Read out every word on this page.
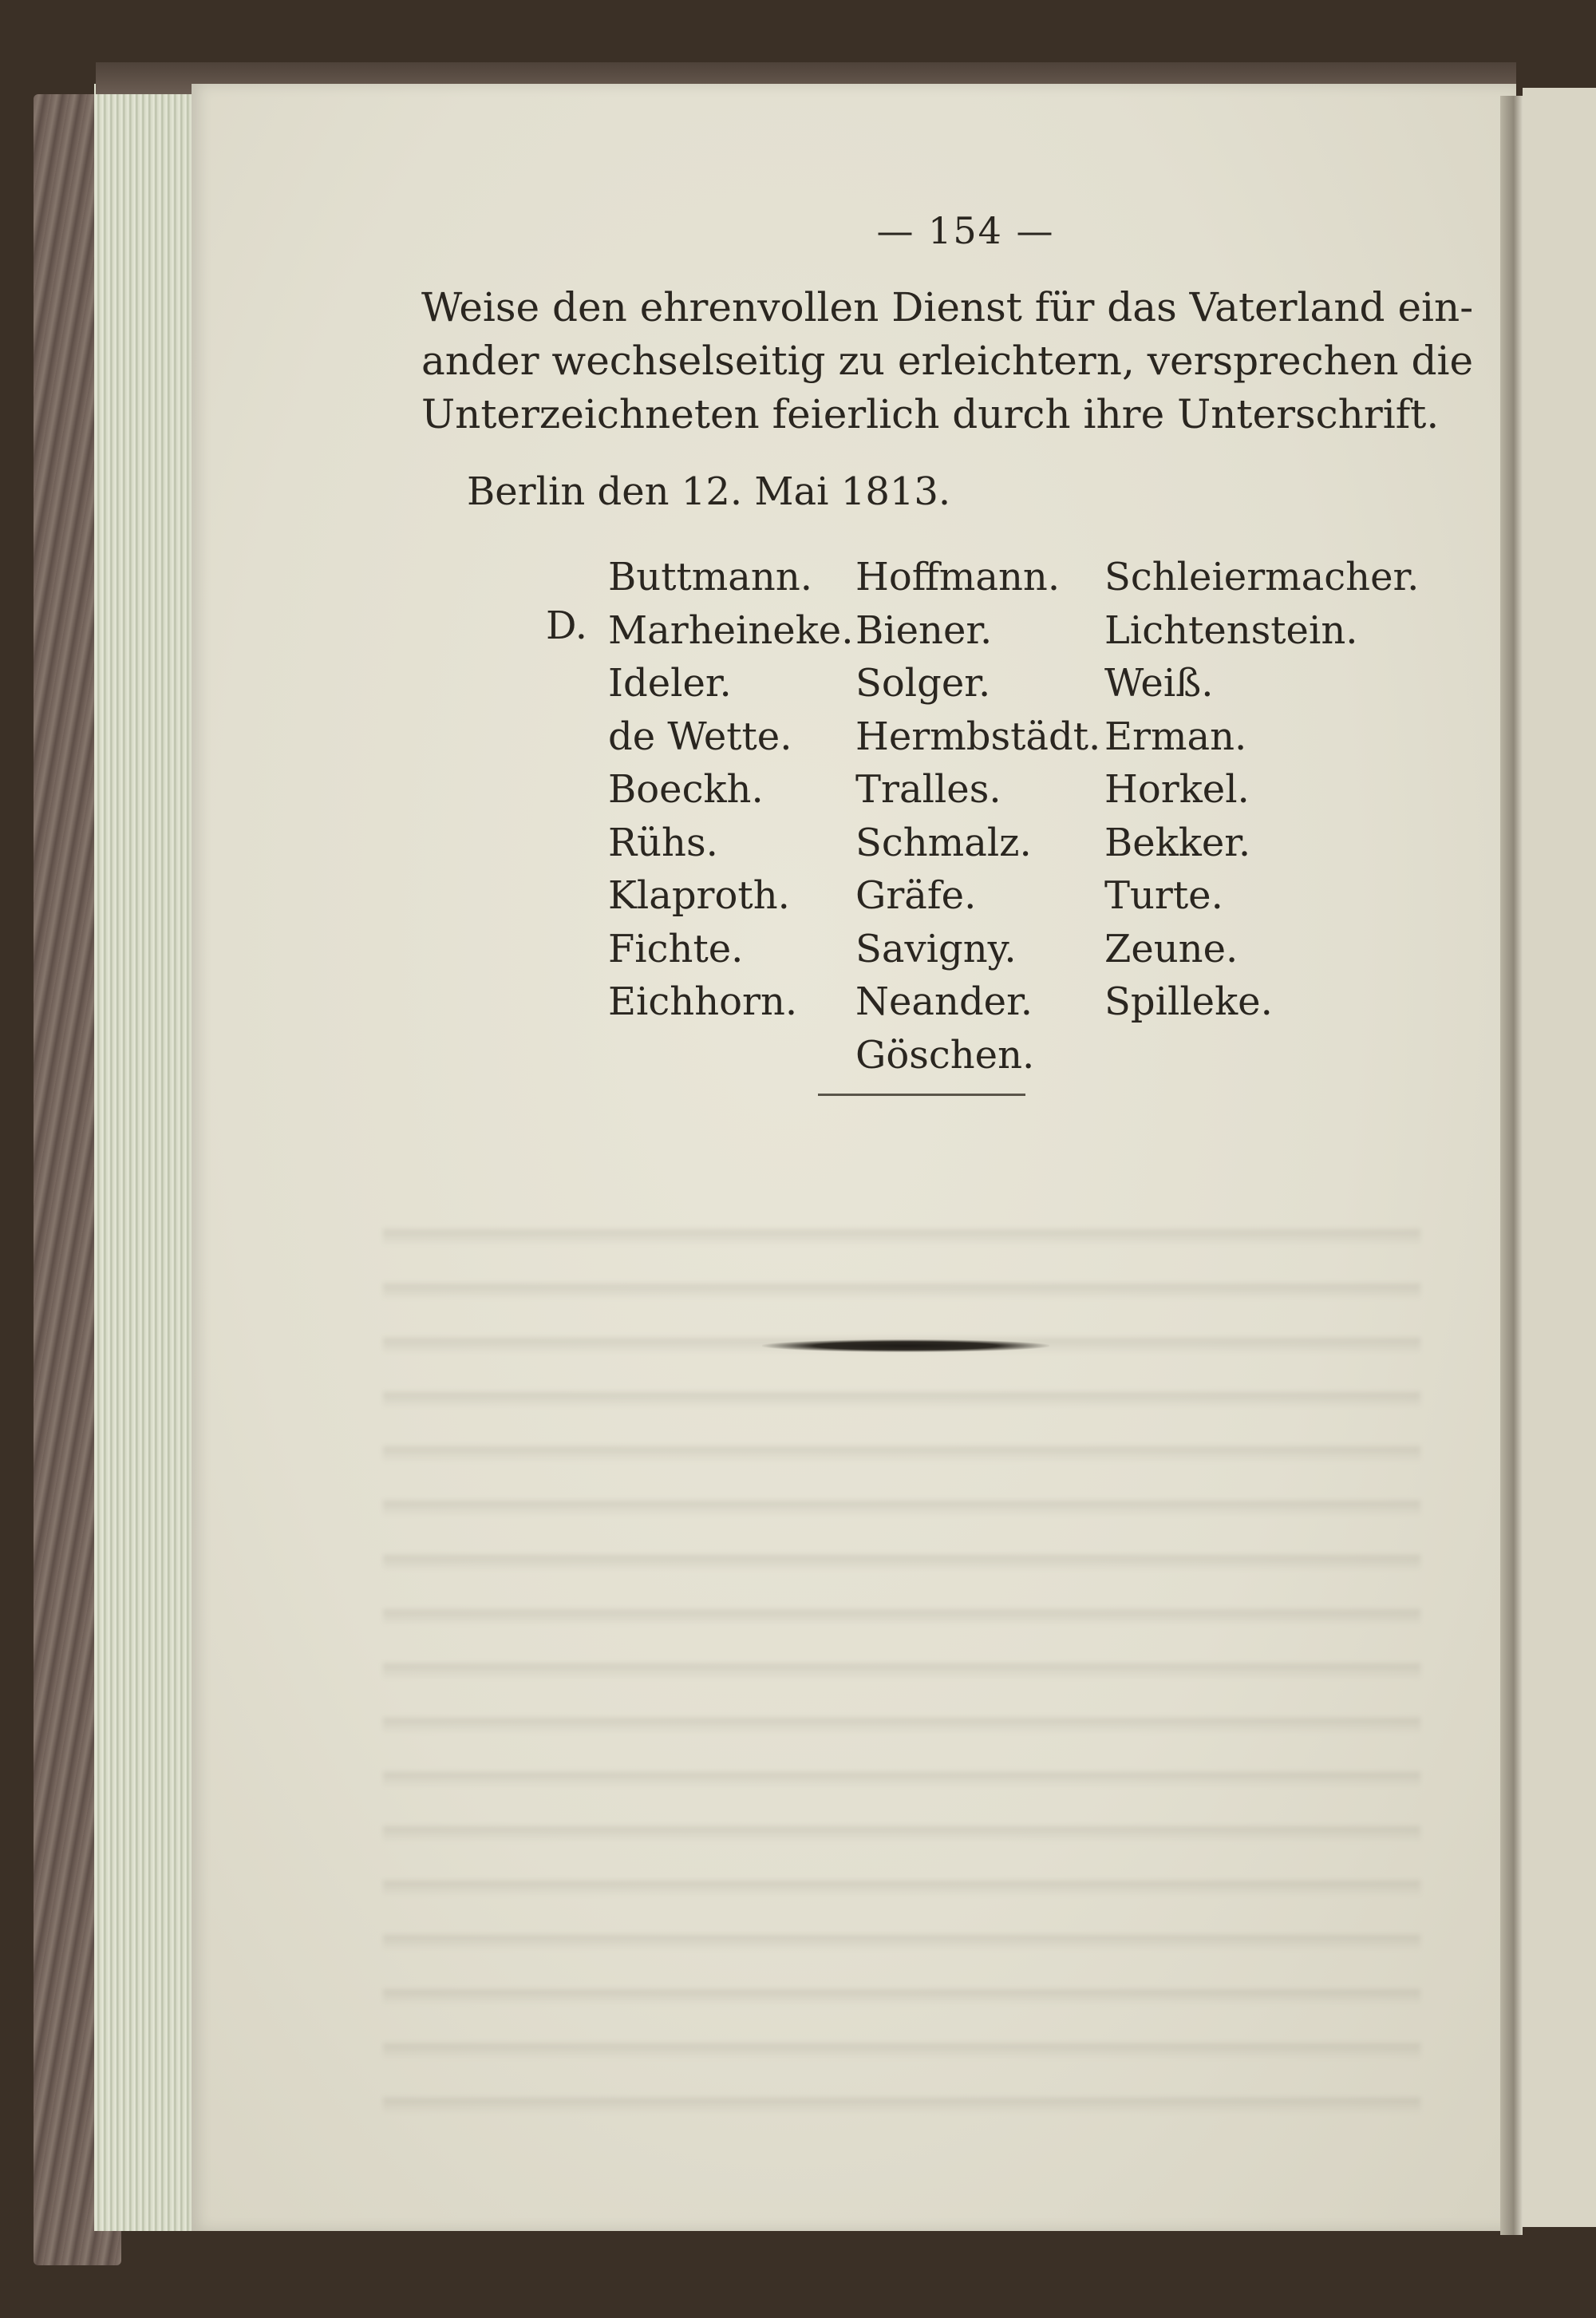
— 154 —
Weise den ehrenvollen Dienst für das Vaterland ein-
ander wechselseitig zu erleichtern, versprechen die
Unterzeichneten feierlich durch ihre Unterschrift.
Berlin den 12. Mai 1813.
D.
Buttmann.
Marheineke.
Ideler.
de Wette.
Boeckh.
Rühs.
Klaproth.
Fichte.
Eichhorn.
Hoffmann.
Biener.
Solger.
Hermbstädt.
Tralles.
Schmalz.
Gräfe.
Savigny.
Neander.
Göschen.
Schleiermacher.
Lichtenstein.
Weiß.
Erman.
Horkel.
Bekker.
Turte.
Zeune.
Spilleke.
